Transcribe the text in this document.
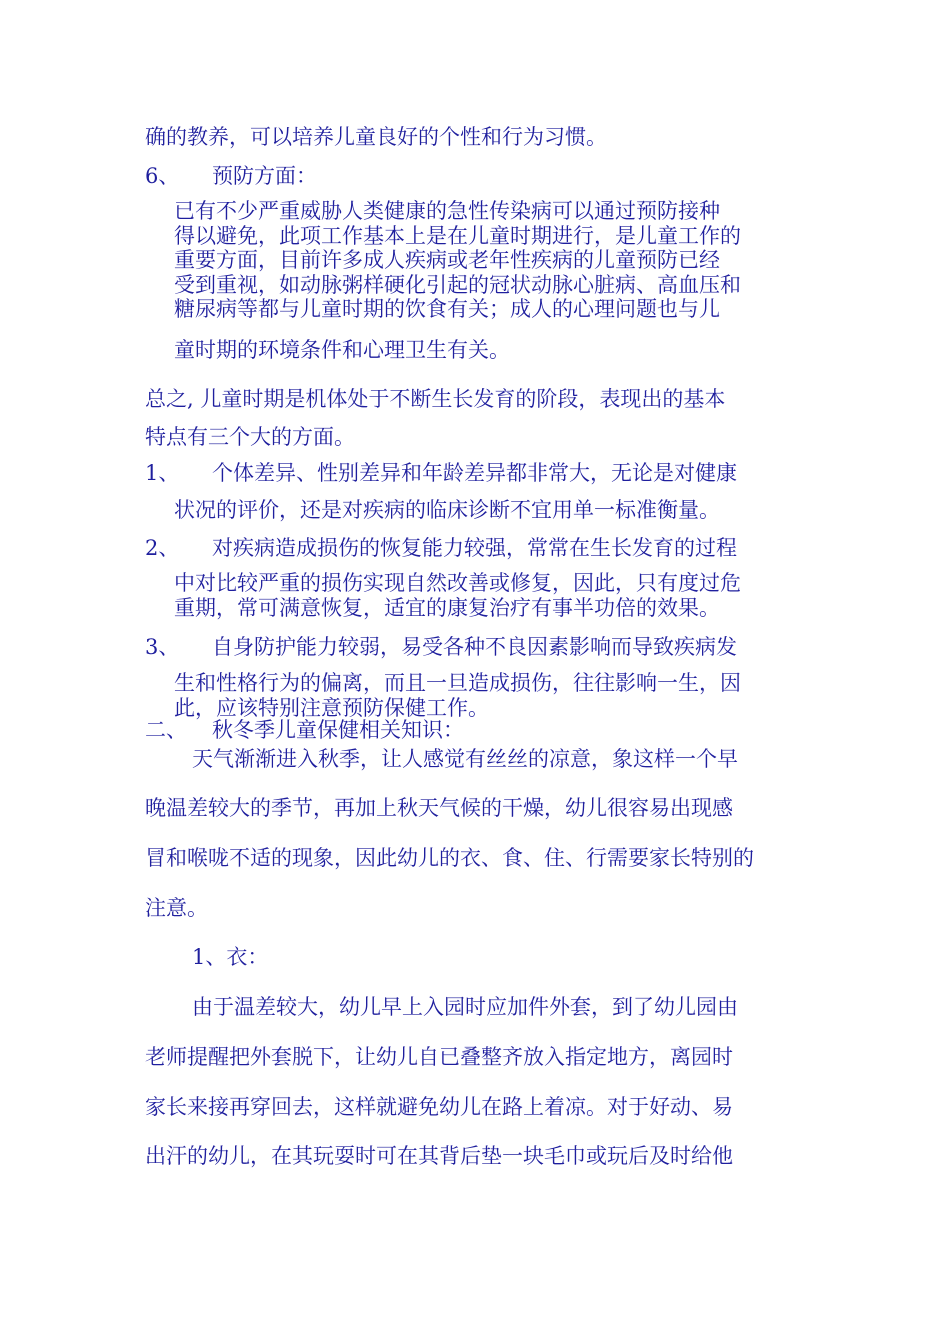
确的教养，可以培养儿童良好的个性和行为习惯。
6、 预防方面：
已有不少严重威胁人类健康的急性传染病可以通过预防接种
得以避免，此项工作基本上是在儿童时期进行，是儿童工作的
重要方面，目前许多成人疾病或老年性疾病的儿童预防已经
受到重视，如动脉粥样硬化引起的冠状动脉心脏病、高血压和
糖尿病等都与儿童时期的饮食有关；成人的心理问题也与儿
童时期的环境条件和心理卫生有关。
总之, 儿童时期是机体处于不断生长发育的阶段，表现出的基本
特点有三个大的方面。
1、 个体差异、性别差异和年龄差异都非常大，无论是对健康
状况的评价，还是对疾病的临床诊断不宜用单一标准衡量。
2、 对疾病造成损伤的恢复能力较强，常常在生长发育的过程
中对比较严重的损伤实现自然改善或修复，因此，只有度过危
重期，常可满意恢复，适宜的康复治疗有事半功倍的效果。
3、 自身防护能力较弱，易受各种不良因素影响而导致疾病发
生和性格行为的偏离，而且一旦造成损伤，往往影响一生，因
此，应该特别注意预防保健工作。
二、 秋冬季儿童保健相关知识：
天气渐渐进入秋季，让人感觉有丝丝的凉意，象这样一个早
晚温差较大的季节，再加上秋天气候的干燥，幼儿很容易出现感
冒和喉咙不适的现象，因此幼儿的衣、食、住、行需要家长特别的
注意。
1、衣：
由于温差较大，幼儿早上入园时应加件外套，到了幼儿园由
老师提醒把外套脱下，让幼儿自已叠整齐放入指定地方，离园时
家长来接再穿回去，这样就避免幼儿在路上着凉。对于好动、易
出汗的幼儿，在其玩耍时可在其背后垫一块毛巾或玩后及时给他
